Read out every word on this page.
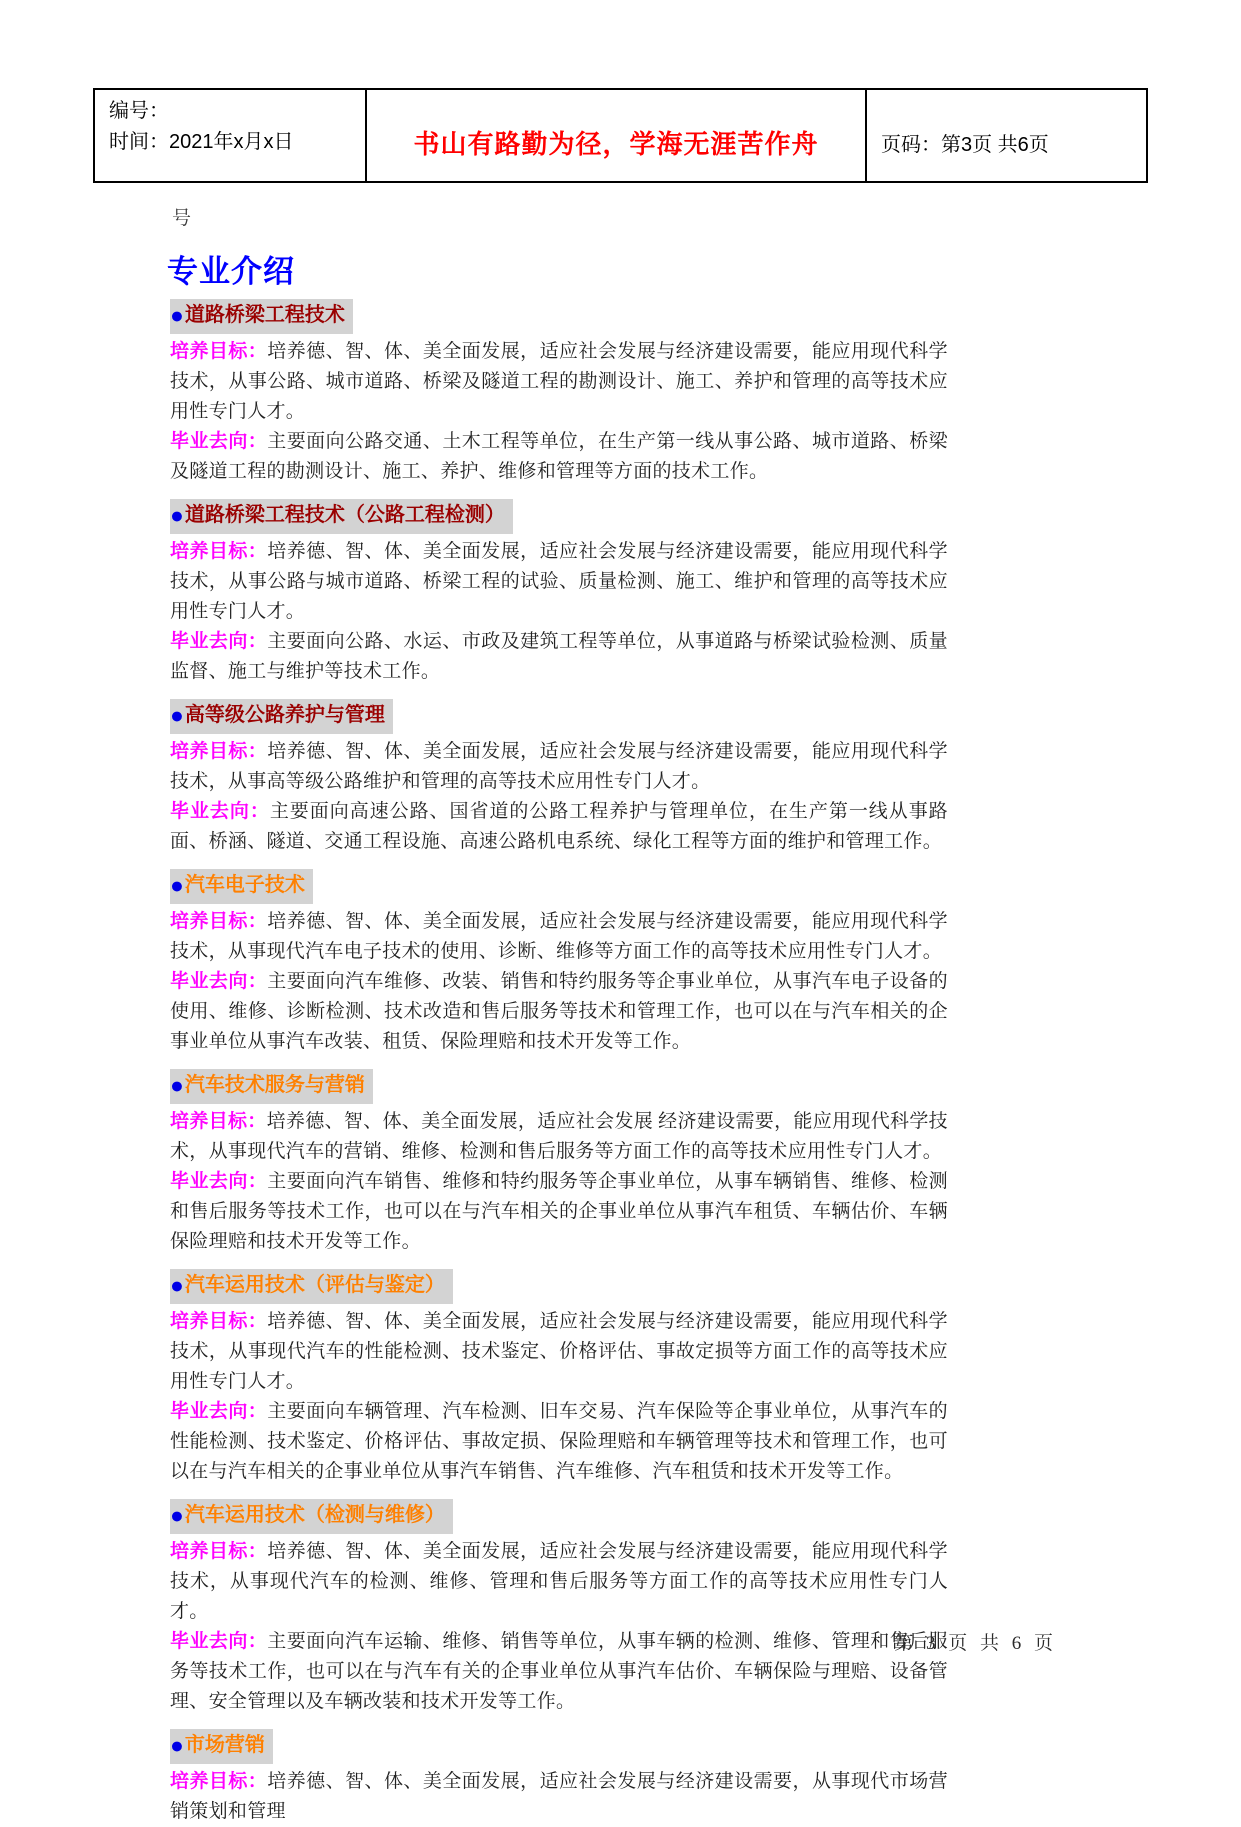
编号：
时间：2021年x月x日	书山有路勤为径，学海无涯苦作舟	页码：第3页 共6页
号
专业介绍
●道路桥梁工程技术

培养目标：培养德、智、体、美全面发展，适应社会发展与经济建设需要，能应用现代科学技术，从事公路、城市道路、桥梁及隧道工程的勘测设计、施工、养护和管理的高等技术应用性专门人才。

毕业去向：主要面向公路交通、土木工程等单位，在生产第一线从事公路、城市道路、桥梁及隧道工程的勘测设计、施工、养护、维修和管理等方面的技术工作。

●道路桥梁工程技术（公路工程检测）

培养目标：培养德、智、体、美全面发展，适应社会发展与经济建设需要，能应用现代科学技术，从事公路与城市道路、桥梁工程的试验、质量检测、施工、维护和管理的高等技术应用性专门人才。

毕业去向：主要面向公路、水运、市政及建筑工程等单位，从事道路与桥梁试验检测、质量监督、施工与维护等技术工作。

●高等级公路养护与管理

培养目标：培养德、智、体、美全面发展，适应社会发展与经济建设需要，能应用现代科学技术，从事高等级公路维护和管理的高等技术应用性专门人才。

毕业去向：主要面向高速公路、国省道的公路工程养护与管理单位，在生产第一线从事路面、桥涵、隧道、交通工程设施、高速公路机电系统、绿化工程等方面的维护和管理工作。

●汽车电子技术

培养目标：培养德、智、体、美全面发展，适应社会发展与经济建设需要，能应用现代科学技术，从事现代汽车电子技术的使用、诊断、维修等方面工作的高等技术应用性专门人才。

毕业去向：主要面向汽车维修、改装、销售和特约服务等企事业单位，从事汽车电子设备的使用、维修、诊断检测、技术改造和售后服务等技术和管理工作，也可以在与汽车相关的企事业单位从事汽车改装、租赁、保险理赔和技术开发等工作。

●汽车技术服务与营销

培养目标：培养德、智、体、美全面发展，适应社会发展 经济建设需要，能应用现代科学技术，从事现代汽车的营销、维修、检测和售后服务等方面工作的高等技术应用性专门人才。

毕业去向：主要面向汽车销售、维修和特约服务等企事业单位，从事车辆销售、维修、检测和售后服务等技术工作，也可以在与汽车相关的企事业单位从事汽车租赁、车辆估价、车辆保险理赔和技术开发等工作。

●汽车运用技术（评估与鉴定）

培养目标：培养德、智、体、美全面发展，适应社会发展与经济建设需要，能应用现代科学技术，从事现代汽车的性能检测、技术鉴定、价格评估、事故定损等方面工作的高等技术应用性专门人才。

毕业去向：主要面向车辆管理、汽车检测、旧车交易、汽车保险等企事业单位，从事汽车的性能检测、技术鉴定、价格评估、事故定损、保险理赔和车辆管理等技术和管理工作，也可以在与汽车相关的企事业单位从事汽车销售、汽车维修、汽车租赁和技术开发等工作。

●汽车运用技术（检测与维修）

培养目标：培养德、智、体、美全面发展，适应社会发展与经济建设需要，能应用现代科学技术，从事现代汽车的检测、维修、管理和售后服务等方面工作的高等技术应用性专门人才。

毕业去向：主要面向汽车运输、维修、销售等单位，从事车辆的检测、维修、管理和售后服务等技术工作，也可以在与汽车有关的企事业单位从事汽车估价、车辆保险与理赔、设备管理、安全管理以及车辆改装和技术开发等工作。

●市场营销

培养目标：培养德、智、体、美全面发展，适应社会发展与经济建设需要，从事现代市场营销策划和管理

第 3 页 共 6 页
